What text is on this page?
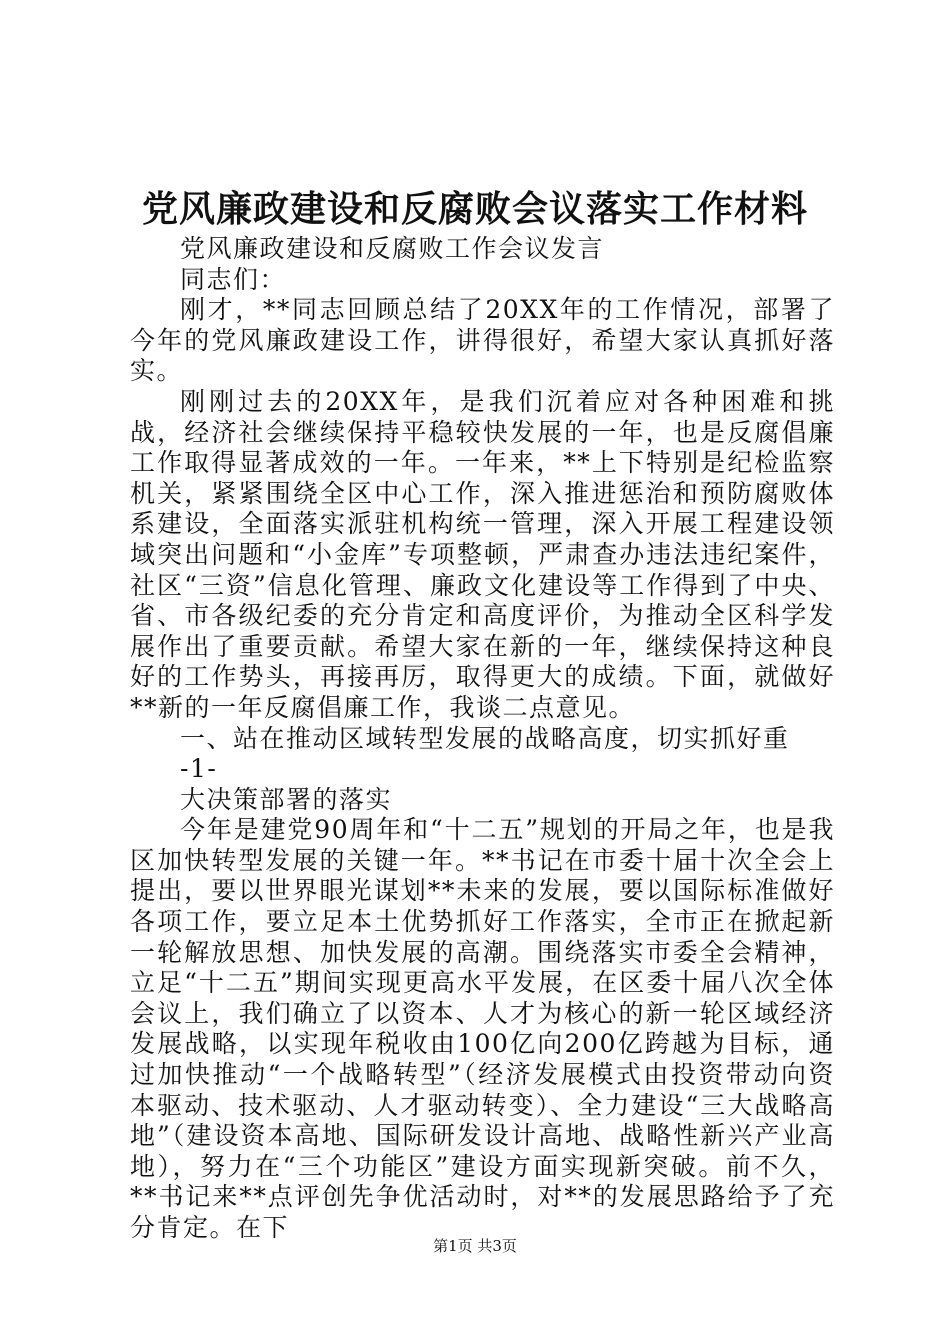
党风廉政建设和反腐败会议落实工作材料

党风廉政建设和反腐败工作会议发言

同志们：

刚才，**同志回顾总结了20XX年的工作情况，部署了今年的党风廉政建设工作，讲得很好，希望大家认真抓好落实。

刚刚过去的20XX年，是我们沉着应对各种困难和挑战，经济社会继续保持平稳较快发展的一年，也是反腐倡廉工作取得显著成效的一年。一年来，**上下特别是纪检监察机关，紧紧围绕全区中心工作，深入推进惩治和预防腐败体系建设，全面落实派驻机构统一管理，深入开展工程建设领域突出问题和“小金库”专项整顿，严肃查办违法违纪案件，社区“三资”信息化管理、廉政文化建设等工作得到了中央、省、市各级纪委的充分肯定和高度评价，为推动全区科学发展作出了重要贡献。希望大家在新的一年，继续保持这种良好的工作势头，再接再厉，取得更大的成绩。下面，就做好**新的一年反腐倡廉工作，我谈二点意见。

一、站在推动区域转型发展的战略高度，切实抓好重

-1-

大决策部署的落实

今年是建党90周年和“十二五”规划的开局之年，也是我区加快转型发展的关键一年。**书记在市委十届十次全会上提出，要以世界眼光谋划**未来的发展，要以国际标准做好各项工作，要立足本土优势抓好工作落实，全市正在掀起新一轮解放思想、加快发展的高潮。围绕落实市委全会精神，立足“十二五”期间实现更高水平发展，在区委十届八次全体会议上，我们确立了以资本、人才为核心的新一轮区域经济发展战略，以实现年税收由100亿向200亿跨越为目标，通过加快推动“一个战略转型”（经济发展模式由投资带动向资本驱动、技术驱动、人才驱动转变）、全力建设“三大战略高地”（建设资本高地、国际研发设计高地、战略性新兴产业高地），努力在“三个功能区”建设方面实现新突破。前不久，**书记来**点评创先争优活动时，对**的发展思路给予了充分肯定。在下

第1页 共3页
